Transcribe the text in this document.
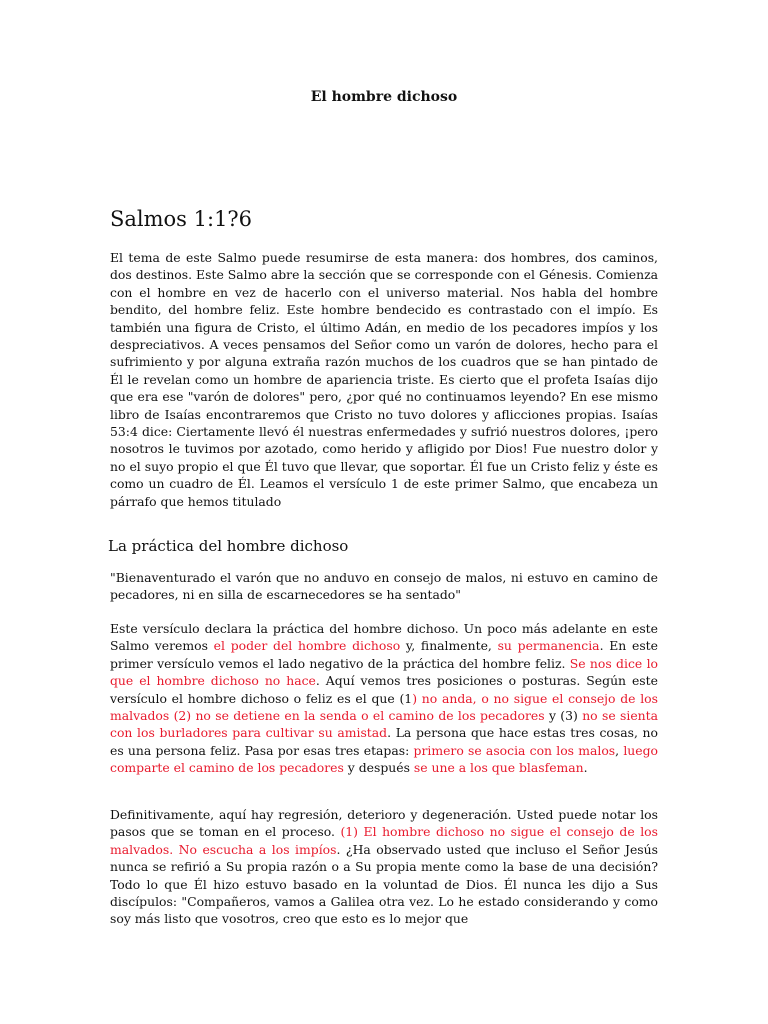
El hombre dichoso
Salmos 1:1?6

El tema de este Salmo puede resumirse de esta manera: dos hombres, dos caminos, dos destinos. Este Salmo abre la sección que se corresponde con el Génesis. Comienza con el hombre en vez de hacerlo con el universo material. Nos habla del hombre bendito, del hombre feliz. Este hombre bendecido es contrastado con el impío. Es también una figura de Cristo, el último Adán, en medio de los pecadores impíos y los despreciativos. A veces pensamos del Señor como un varón de dolores, hecho para el sufrimiento y por alguna extraña razón muchos de los cuadros que se han pintado de Él le revelan como un hombre de apariencia triste. Es cierto que el profeta Isaías dijo que era ese "varón de dolores" pero, ¿por qué no continuamos leyendo? En ese mismo libro de Isaías encontraremos que Cristo no tuvo dolores y aflicciones propias. Isaías 53:4 dice: Ciertamente llevó él nuestras enfermedades y sufrió nuestros dolores, ¡pero nosotros le tuvimos por azotado, como herido y afligido por Dios! Fue nuestro dolor y no el suyo propio el que Él tuvo que llevar, que soportar. Él fue un Cristo feliz y éste es como un cuadro de Él. Leamos el versículo 1 de este primer Salmo, que encabeza un párrafo que hemos titulado

La práctica del hombre dichoso

"Bienaventurado el varón que no anduvo en consejo de malos, ni estuvo en camino de pecadores, ni en silla de escarnecedores se ha sentado"

Este versículo declara la práctica del hombre dichoso. Un poco más adelante en este Salmo veremos el poder del hombre dichoso y, finalmente, su permanencia. En este primer versículo vemos el lado negativo de la práctica del hombre feliz. Se nos dice lo que el hombre dichoso no hace. Aquí vemos tres posiciones o posturas. Según este versículo el hombre dichoso o feliz es el que (1) no anda, o no sigue el consejo de los malvados (2) no se detiene en la senda o el camino de los pecadores y (3) no se sienta con los burladores para cultivar su amistad. La persona que hace estas tres cosas, no es una persona feliz. Pasa por esas tres etapas: primero se asocia con los malos, luego comparte el camino de los pecadores y después se une a los que blasfeman.

Definitivamente, aquí hay regresión, deterioro y degeneración. Usted puede notar los pasos que se toman en el proceso. (1) El hombre dichoso no sigue el consejo de los malvados. No escucha a los impíos. ¿Ha observado usted que incluso el Señor Jesús nunca se refirió a Su propia razón o a Su propia mente como la base de una decisión? Todo lo que Él hizo estuvo basado en la voluntad de Dios. Él nunca les dijo a Sus discípulos: "Compañeros, vamos a Galilea otra vez. Lo he estado considerando y como soy más listo que vosotros, creo que esto es lo mejor que
